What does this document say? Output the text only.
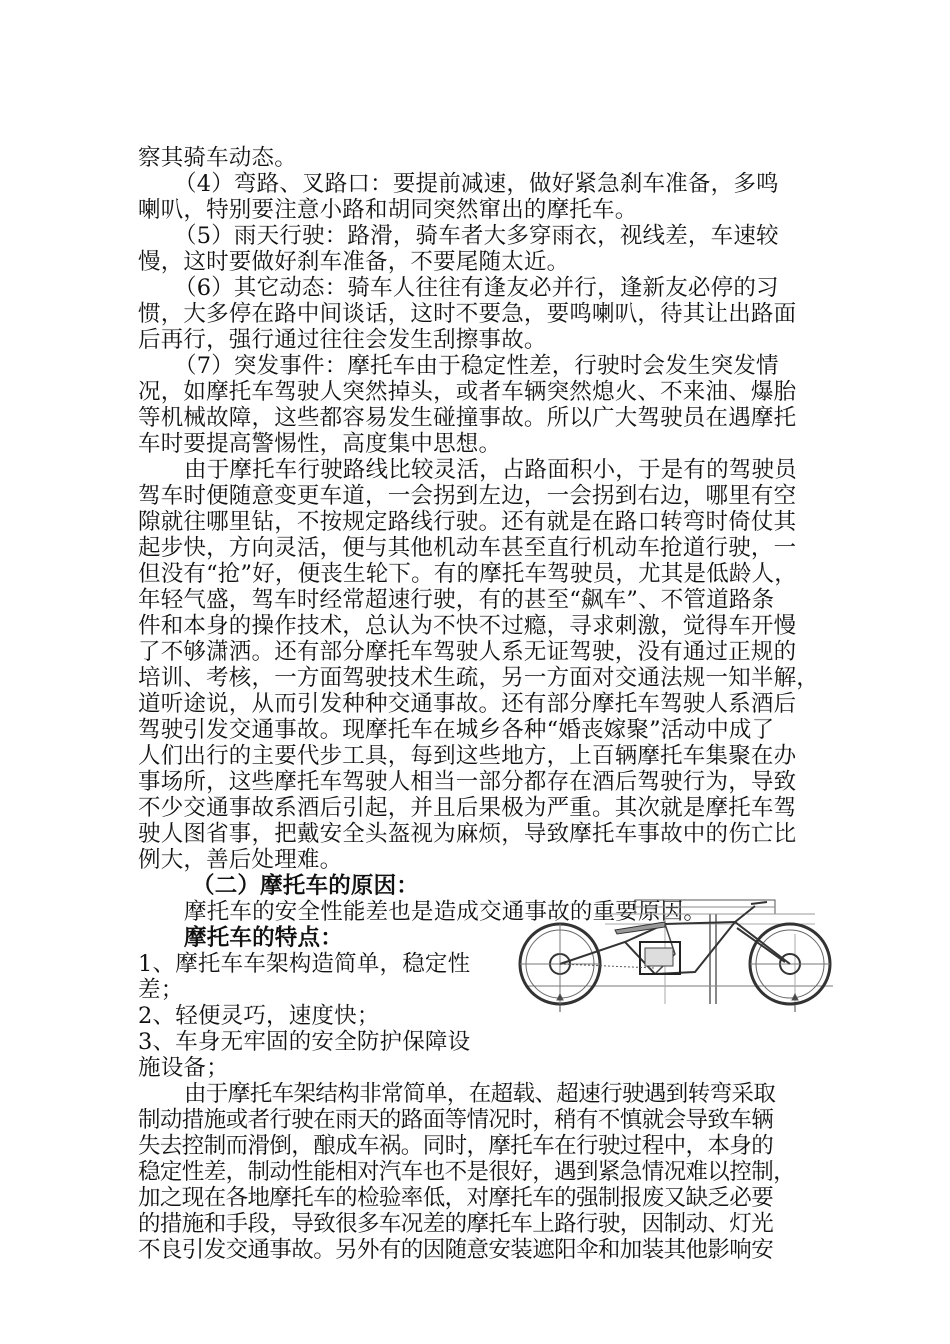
察其骑车动态。
（4）弯路、叉路口：要提前减速，做好紧急刹车准备，多鸣
喇叭，特别要注意小路和胡同突然窜出的摩托车。
（5）雨天行驶：路滑，骑车者大多穿雨衣，视线差，车速较
慢，这时要做好刹车准备，不要尾随太近。
（6）其它动态：骑车人往往有逢友必并行，逢新友必停的习
惯，大多停在路中间谈话，这时不要急，要鸣喇叭，待其让出路面
后再行，强行通过往往会发生刮擦事故。
（7）突发事件：摩托车由于稳定性差，行驶时会发生突发情
况，如摩托车驾驶人突然掉头，或者车辆突然熄火、不来油、爆胎
等机械故障，这些都容易发生碰撞事故。所以广大驾驶员在遇摩托
车时要提高警惕性，高度集中思想。
由于摩托车行驶路线比较灵活，占路面积小，于是有的驾驶员
驾车时便随意变更车道，一会拐到左边，一会拐到右边，哪里有空
隙就往哪里钻，不按规定路线行驶。还有就是在路口转弯时倚仗其
起步快，方向灵活，便与其他机动车甚至直行机动车抢道行驶，一
但没有“抢”好，便丧生轮下。有的摩托车驾驶员，尤其是低龄人，
年轻气盛，驾车时经常超速行驶，有的甚至“飙车”、不管道路条
件和本身的操作技术，总认为不快不过瘾，寻求刺激，觉得车开慢
了不够潇洒。还有部分摩托车驾驶人系无证驾驶，没有通过正规的
培训、考核，一方面驾驶技术生疏，另一方面对交通法规一知半解，
道听途说，从而引发种种交通事故。还有部分摩托车驾驶人系酒后
驾驶引发交通事故。现摩托车在城乡各种“婚丧嫁聚”活动中成了
人们出行的主要代步工具，每到这些地方，上百辆摩托车集聚在办
事场所，这些摩托车驾驶人相当一部分都存在酒后驾驶行为，导致
不少交通事故系酒后引起，并且后果极为严重。其次就是摩托车驾
驶人图省事，把戴安全头盔视为麻烦，导致摩托车事故中的伤亡比
例大，善后处理难。
（二）摩托车的原因：
摩托车的安全性能差也是造成交通事故的重要原因。
摩托车的特点：
1、摩托车车架构造简单，稳定性
差；
2、轻便灵巧，速度快；
3、车身无牢固的安全防护保障设
施设备；
由于摩托车架结构非常简单，在超载、超速行驶遇到转弯采取
制动措施或者行驶在雨天的路面等情况时，稍有不慎就会导致车辆
失去控制而滑倒，酿成车祸。同时，摩托车在行驶过程中，本身的
稳定性差，制动性能相对汽车也不是很好，遇到紧急情况难以控制，
加之现在各地摩托车的检验率低，对摩托车的强制报废又缺乏必要
的措施和手段，导致很多车况差的摩托车上路行驶，因制动、灯光
不良引发交通事故。另外有的因随意安装遮阳伞和加装其他影响安
